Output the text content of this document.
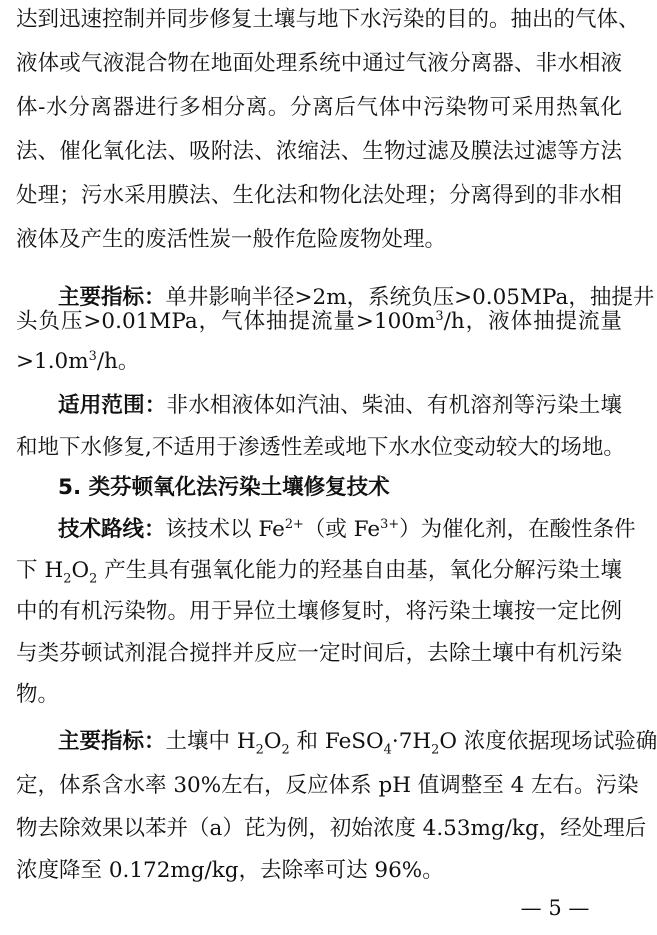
达到迅速控制并同步修复土壤与地下水污染的目的。抽出的气体、
液体或气液混合物在地面处理系统中通过气液分离器、非水相液
体-水分离器进行多相分离。分离后气体中污染物可采用热氧化
法、催化氧化法、吸附法、浓缩法、生物过滤及膜法过滤等方法
处理；污水采用膜法、生化法和物化法处理；分离得到的非水相
液体及产生的废活性炭一般作危险废物处理。
主要指标：单井影响半径>2m，系统负压>0.05MPa，抽提井
头负压>0.01MPa，气体抽提流量$>100m^3/h$，液体抽提流量
$>1.0m^3/h$。
适用范围：非水相液体如汽油、柴油、有机溶剂等污染土壤
和地下水修复,不适用于渗透性差或地下水水位变动较大的场地。
5. 类芬顿氧化法污染土壤修复技术
技术路线：该技术以 $Fe^{2+}$（或 $Fe^{3+}$）为催化剂，在酸性条件
下 $H_2O_2$ 产生具有强氧化能力的羟基自由基，氧化分解污染土壤
中的有机污染物。用于异位土壤修复时，将污染土壤按一定比例
与类芬顿试剂混合搅拌并反应一定时间后，去除土壤中有机污染
物。
主要指标：土壤中 $H_2O_2$ 和 $FeSO_4\cdot 7H_2O$ 浓度依据现场试验确
定，体系含水率 30%左右，反应体系 pH 值调整至 4 左右。污染
物去除效果以苯并（a）芘为例，初始浓度 4.53mg/kg，经处理后
浓度降至 0.172mg/kg，去除率可达 96%。
— 5 —
